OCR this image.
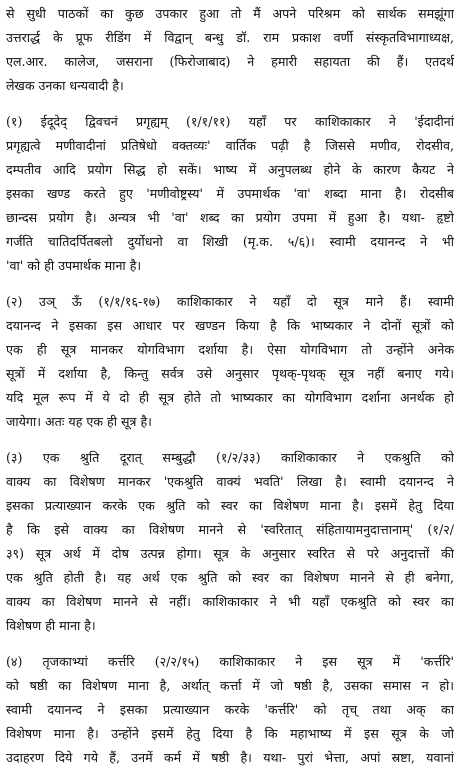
से सुधी पाठकों का कुछ उपकार हुआ तो मैं अपने परिश्रम को सार्थक समझूंगा
उत्तरार्द्ध के प्रूफ रीडिंग में विद्वान् बन्धु डॉ. राम प्रकाश वर्णी संस्कृतविभागाध्यक्ष,
एल.आर. कालेज, जसराना (फिरोजाबाद) ने हमारी सहायता की हैं। एतदर्थ
लेखक उनका धन्यवादी है।
(१) ईदूदेद् द्विवचनं प्रगृह्यम् (१/१/११) यहाँ पर काशिकाकार ने 'ईदादीनां
प्रगृह्यत्वे मणीवादीनां प्रतिषेधो वक्तव्यः' वार्तिक पढ़ी है जिससे मणीव, रोदसीव,
दम्पतीव आदि प्रयोग सिद्ध हो सकें। भाष्य में अनुपलब्ध होने के कारण कैयट ने
इसका खण्ड करते हुए 'मणीवोष्ट्रस्य' में उपमार्थक 'वा' शब्दा माना है। रोदसीब
छान्दस प्रयोग है। अन्यत्र भी 'वा' शब्द का प्रयोग उपमा में हुआ है। यथा- हृष्टो
गर्जति चातिदर्पितबलो दुर्योधनो वा शिखी (मृ.क. ५/६)। स्वामी दयानन्द ने भी
'वा' को ही उपमार्थक माना है।
(२) उञ् ऊँ (१/१/१६-१७) काशिकाकार ने यहाँ दो सूत्र माने हैं। स्वामी
दयानन्द ने इसका इस आधार पर खण्डन किया है कि भाष्यकार ने दोनों सूत्रों को
एक ही सूत्र मानकर योगविभाग दर्शाया है। ऐसा योगविभाग तो उन्होंने अनेक
सूत्रों में दर्शाया है, किन्तु सर्वत्र उसे अनुसार पृथक्-पृथक् सूत्र नहीं बनाए गये।
यदि मूल रूप में ये दो ही सूत्र होते तो भाष्यकार का योगविभाग दर्शाना अनर्थक हो
जायेगा। अतः यह एक ही सूत्र है।
(३) एक श्रुति दूरात् सम्बुद्धौ (१/२/३३) काशिकाकार ने एकश्रुति को
वाक्य का विशेषण मानकर 'एकश्रुति वाक्यं भवति' लिखा है। स्वामी दयानन्द ने
इसका प्रत्याख्यान करके एक श्रुति को स्वर का विशेषण माना है। इसमें हेतु दिया
है कि इसे वाक्य का विशेषण मानने से 'स्वरितात् संहितायामनुदात्तानाम्' (१/२/
३९) सूत्र अर्थ में दोष उत्पन्न होगा। सूत्र के अनुसार स्वरित से परे अनुदात्तों की
एक श्रुति होती है। यह अर्थ एक श्रुति को स्वर का विशेषण मानने से ही बनेगा,
वाक्य का विशेषण मानने से नहीं। काशिकाकार ने भी यहाँ एकश्रुति को स्वर का
विशेषण ही माना है।
(४) तृजकाभ्यां कर्त्तरि (२/२/१५) काशिकाकार ने इस सूत्र में 'कर्त्तरि'
को षष्ठी का विशेषण माना है, अर्थात् कर्त्ता में जो षष्ठी है, उसका समास न हो।
स्वामी दयानन्द ने इसका प्रत्याख्यान करके 'कर्त्तरि' को तृच् तथा अक् का
विशेषण माना है। उन्होंने इसमें हेतु दिया है कि महाभाष्य में इस सूत्र के जो
उदाहरण दिये गये हैं, उनमें कर्म में षष्ठी है। यथा- पुरां भेत्ता, अपां स्रष्टा, यवानां
